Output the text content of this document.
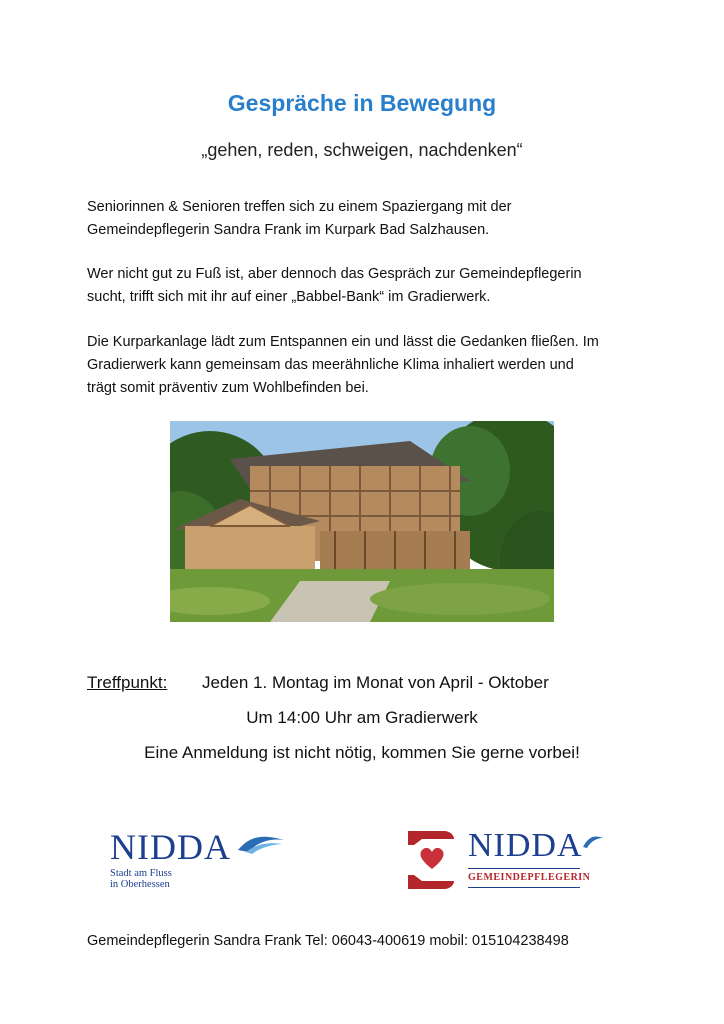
Gespräche in Bewegung
„gehen, reden, schweigen, nachdenken“
Seniorinnen & Senioren treffen sich zu einem Spaziergang mit der
Gemeindepflegerin Sandra Frank im Kurpark Bad Salzhausen.
Wer nicht gut zu Fuß ist, aber dennoch das Gespräch zur Gemeindepflegerin
sucht, trifft sich mit ihr auf einer „Babbel-Bank“ im Gradierwerk.
Die Kurparkanlage lädt zum Entspannen ein und lässt die Gedanken fließen. Im
Gradierwerk kann gemeinsam das meerähnliche Klima inhaliert werden und
trägt somit präventiv zum Wohlbefinden bei.
Treffpunkt: Jeden 1. Montag im Monat von April - Oktober
Um 14:00 Uhr am Gradierwerk
Eine Anmeldung ist nicht nötig, kommen Sie gerne vorbei!
NIDDA
Stadt am Fluss
in Oberhessen
NIDDA
GEMEINDEPFLEGERIN
Gemeindepflegerin Sandra Frank Tel: 06043-400619 mobil: 015104238498
